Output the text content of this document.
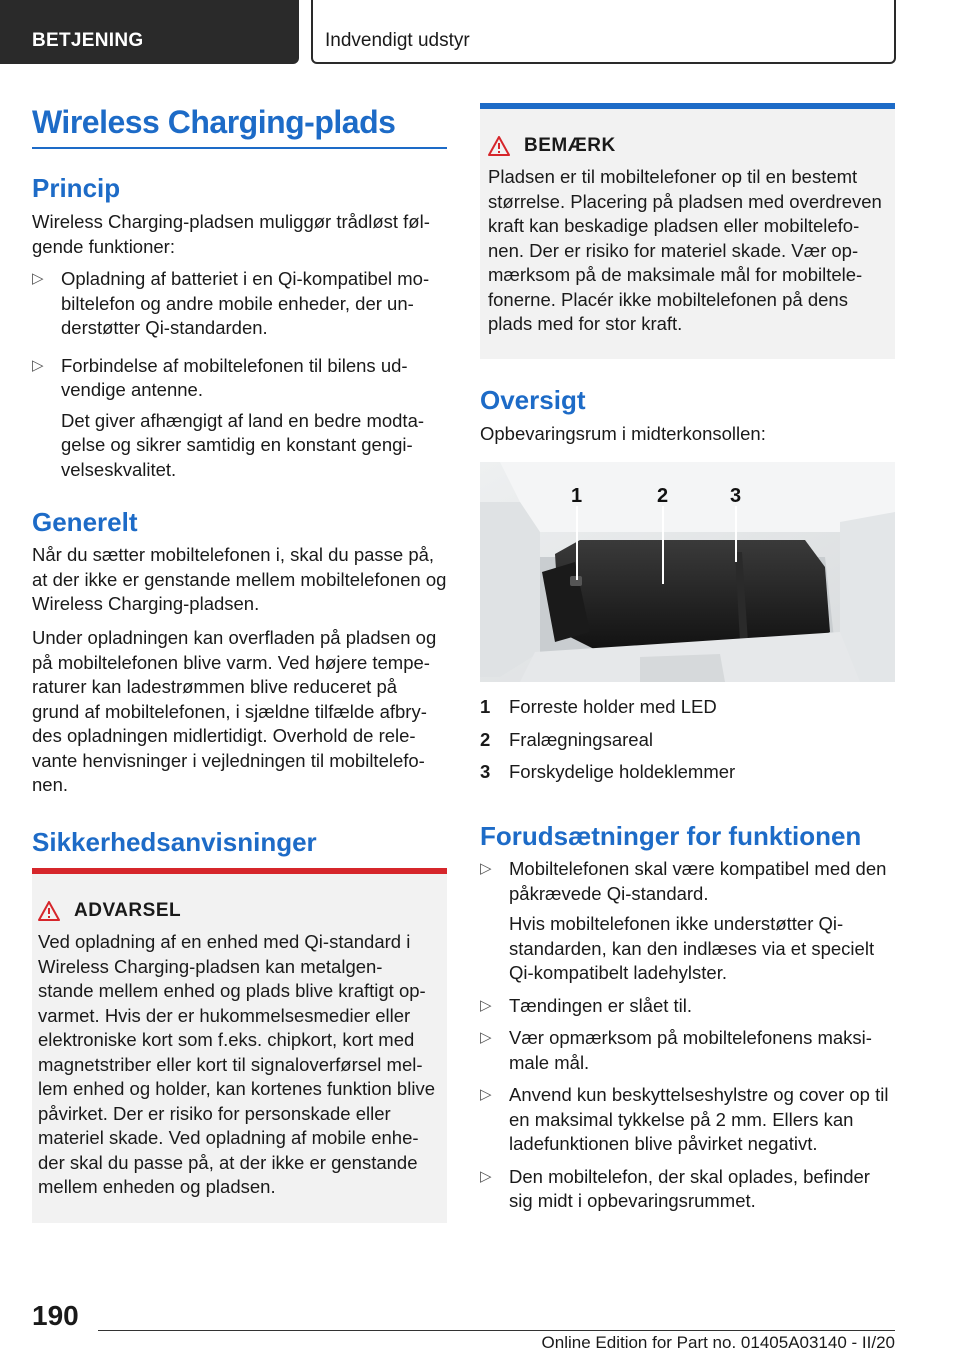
BETJENING	Indvendigt udstyr
Wireless Charging-plads
Princip

Wireless Charging-pladsen muliggør trådløst føl-gende funktioner:

▷ Opladning af batteriet i en Qi-kompatibel mo-biltelefon og andre mobile enheder, der un-derstøtter Qi-standarden.
▷ Forbindelse af mobiltelefonen til bilens ud-vendige antenne.
Det giver afhængigt af land en bedre modta-gelse og sikrer samtidig en konstant gengi-velseskvalitet.
Generelt

Når du sætter mobiltelefonen i, skal du passe på, at der ikke er genstande mellem mobiltelefonen og Wireless Charging-pladsen.

Under opladningen kan overfladen på pladsen og på mobiltelefonen blive varm. Ved højere tempe-raturer kan ladestrømmen blive reduceret på grund af mobiltelefonen, i sjældne tilfælde afbry-des opladningen midlertidigt. Overhold de rele-vante henvisninger i vejledningen til mobiltelefo-nen.

Sikkerhedsanvisninger
ADVARSEL

Ved opladning af en enhed med Qi-standard i Wireless Charging-pladsen kan metalgen-stande mellem enhed og plads blive kraftigt op-varmet. Hvis der er hukommelsesmedier eller elektroniske kort som f.eks. chipkort, kort med magnetstriber eller kort til signaloverførsel mel-lem enhed og holder, kan kortenes funktion blive påvirket. Der er risiko for personskade eller materiel skade. Ved opladning af mobile enhe-der skal du passe på, at der ikke er genstande mellem enheden og pladsen.

BEMÆRK

Pladsen er til mobiltelefoner op til en bestemt størrelse. Placering på pladsen med overdreven kraft kan beskadige pladsen eller mobiltelefo-nen. Der er risiko for materiel skade. Vær op-mærksom på de maksimale mål for mobiltele-fonerne. Placér ikke mobiltelefonen på dens plads med for stor kraft.

Oversigt

Opbevaringsrum i midterkonsollen:

1	2	3
1	Forreste holder med LED
2	Fralægningsareal
3	Forskydelige holdeklemmer
Forudsætninger for funktionen
▷ Mobiltelefonen skal være kompatibel med den påkrævede Qi-standard.
Hvis mobiltelefonen ikke understøtter Qi-standarden, kan den indlæses via et specielt Qi-kompatibelt ladehylster.
▷ Tændingen er slået til.
▷ Vær opmærksom på mobiltelefonens maksi-male mål.
▷ Anvend kun beskyttelseshylstre og cover op til en maksimal tykkelse på 2 mm. Ellers kan ladefunktionen blive påvirket negativt.
▷ Den mobiltelefon, der skal oplades, befinder sig midt i opbevaringsrummet.
190
Online Edition for Part no. 01405A03140 - II/20
